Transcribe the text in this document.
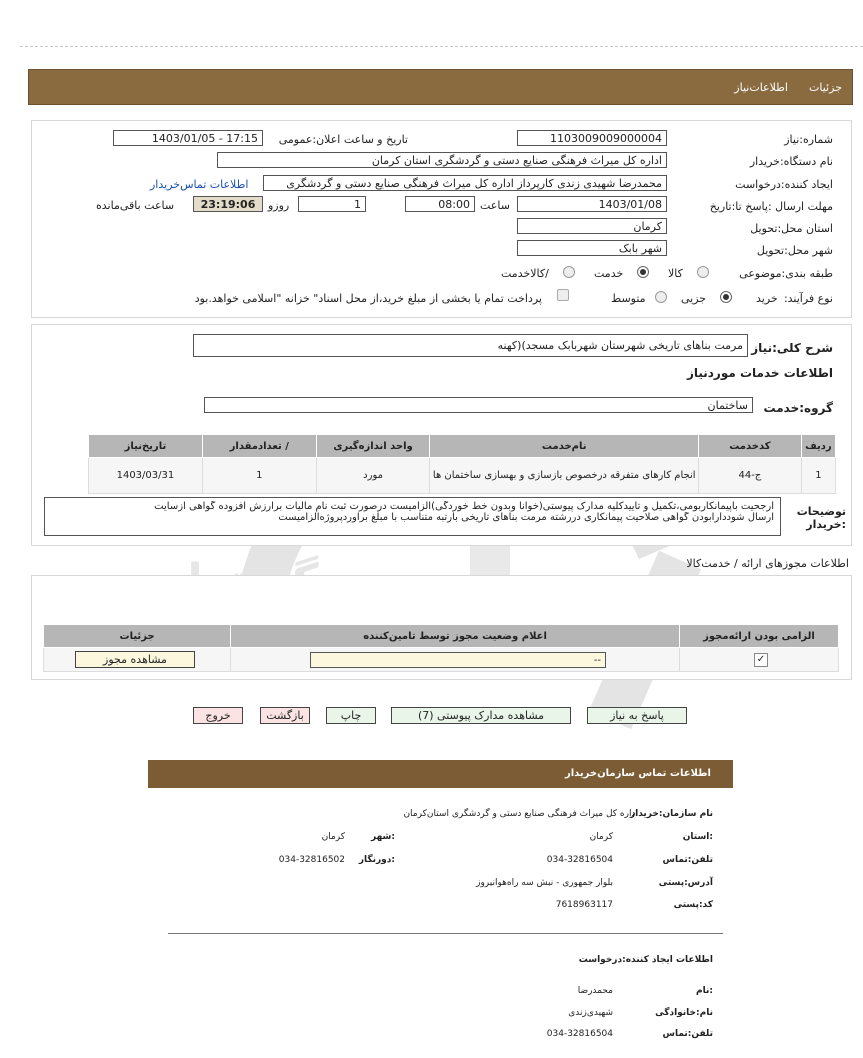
جزئیات
اطلاعات‌نیاز
شماره:نیاز
1103009009000004
تاریخ و ساعت اعلان:عمومی
1403/01/05 - 17:15
نام دستگاه:خریدار
اداره کل میراث فرهنگی صنایع دستی و گردشگری استان کرمان
ایجاد کننده:درخواست
محمدرضا شهیدی زندی کارپرداز اداره کل میراث فرهنگی صنایع دستی و گردشگری
اطلاعات تماس‌خریدار
مهلت ارسال :پاسخ تا:تاریخ
1403/01/08
ساعت
08:00
1
روزو
23:19:06
ساعت باقی‌مانده
استان محل:تحویل
کرمان
شهر محل:تحویل
شهر بابک
طبقه بندی:موضوعی
کالا
خدمت
/کالاخدمت
نوع فرآیند:
خرید
جزیی
متوسط
پرداخت تمام یا بخشی از مبلغ خرید،از محل اسناد" خزانه "اسلامی خواهد.بود
شرح کلی:نیاز
مرمت بناهای تاریخی شهرستان شهربابک مسجد)(کهنه
اطلاعات خدمات موردنیاز
گروه:خدمت
ساختمان
ردیف	کدخدمت	نام‌خدمت	واحد اندازه‌گیری	/ تعدادمقدار	تاریخ‌نیاز
1	ج-44	انجام کارهای متفرقه درخصوص بازسازی و بهسازی ساختمان ها	مورد	1	1403/03/31
توضیحات :خریدار
ارجحیت باپیمانکاربومی،تکمیل و تاییدکلیه مدارک پیوستی(خوانا وبدون خط خوردگی)الزامیست درصورت ثبت نام مالیات برارزش افزوده گواهی ازسایت
ارسال شوددارابودن گواهی صلاحیت پیمانکاری دررشته مرمت بناهای تاریخی بارتبه متناسب با مبلغ برآوردپروژه‌الزامیست
اطلاعات مجوزهای ارائه / خدمت‌کالا
الزامی بودن ارائه‌مجوز	اعلام وضعیت مجوز توسط تامین‌کننده	جزئیات
✓	--	مشاهده مجوز
پاسخ به نیاز
مشاهده مدارک پیوستی (7)
چاپ
بازگشت
خروج
اطلاعات تماس سازمان‌خریدار
نام سازمان:خریدار
اداره کل میراث فرهنگی صنایع دستی و گردشگری استان‌کرمان
:استان
کرمان
:شهر
کرمان
تلفن:تماس
034-32816504
:دورنگار
034-32816502
آدرس:پستی
بلوار جمهوری - نبش سه راه‌هوانیروز
کد:پستی
7618963117
اطلاعات ایجاد کننده:درخواست
:نام
محمدرضا
نام:خانوادگی
شهیدی‌زندی
تلفن:تماس
034-32816504
